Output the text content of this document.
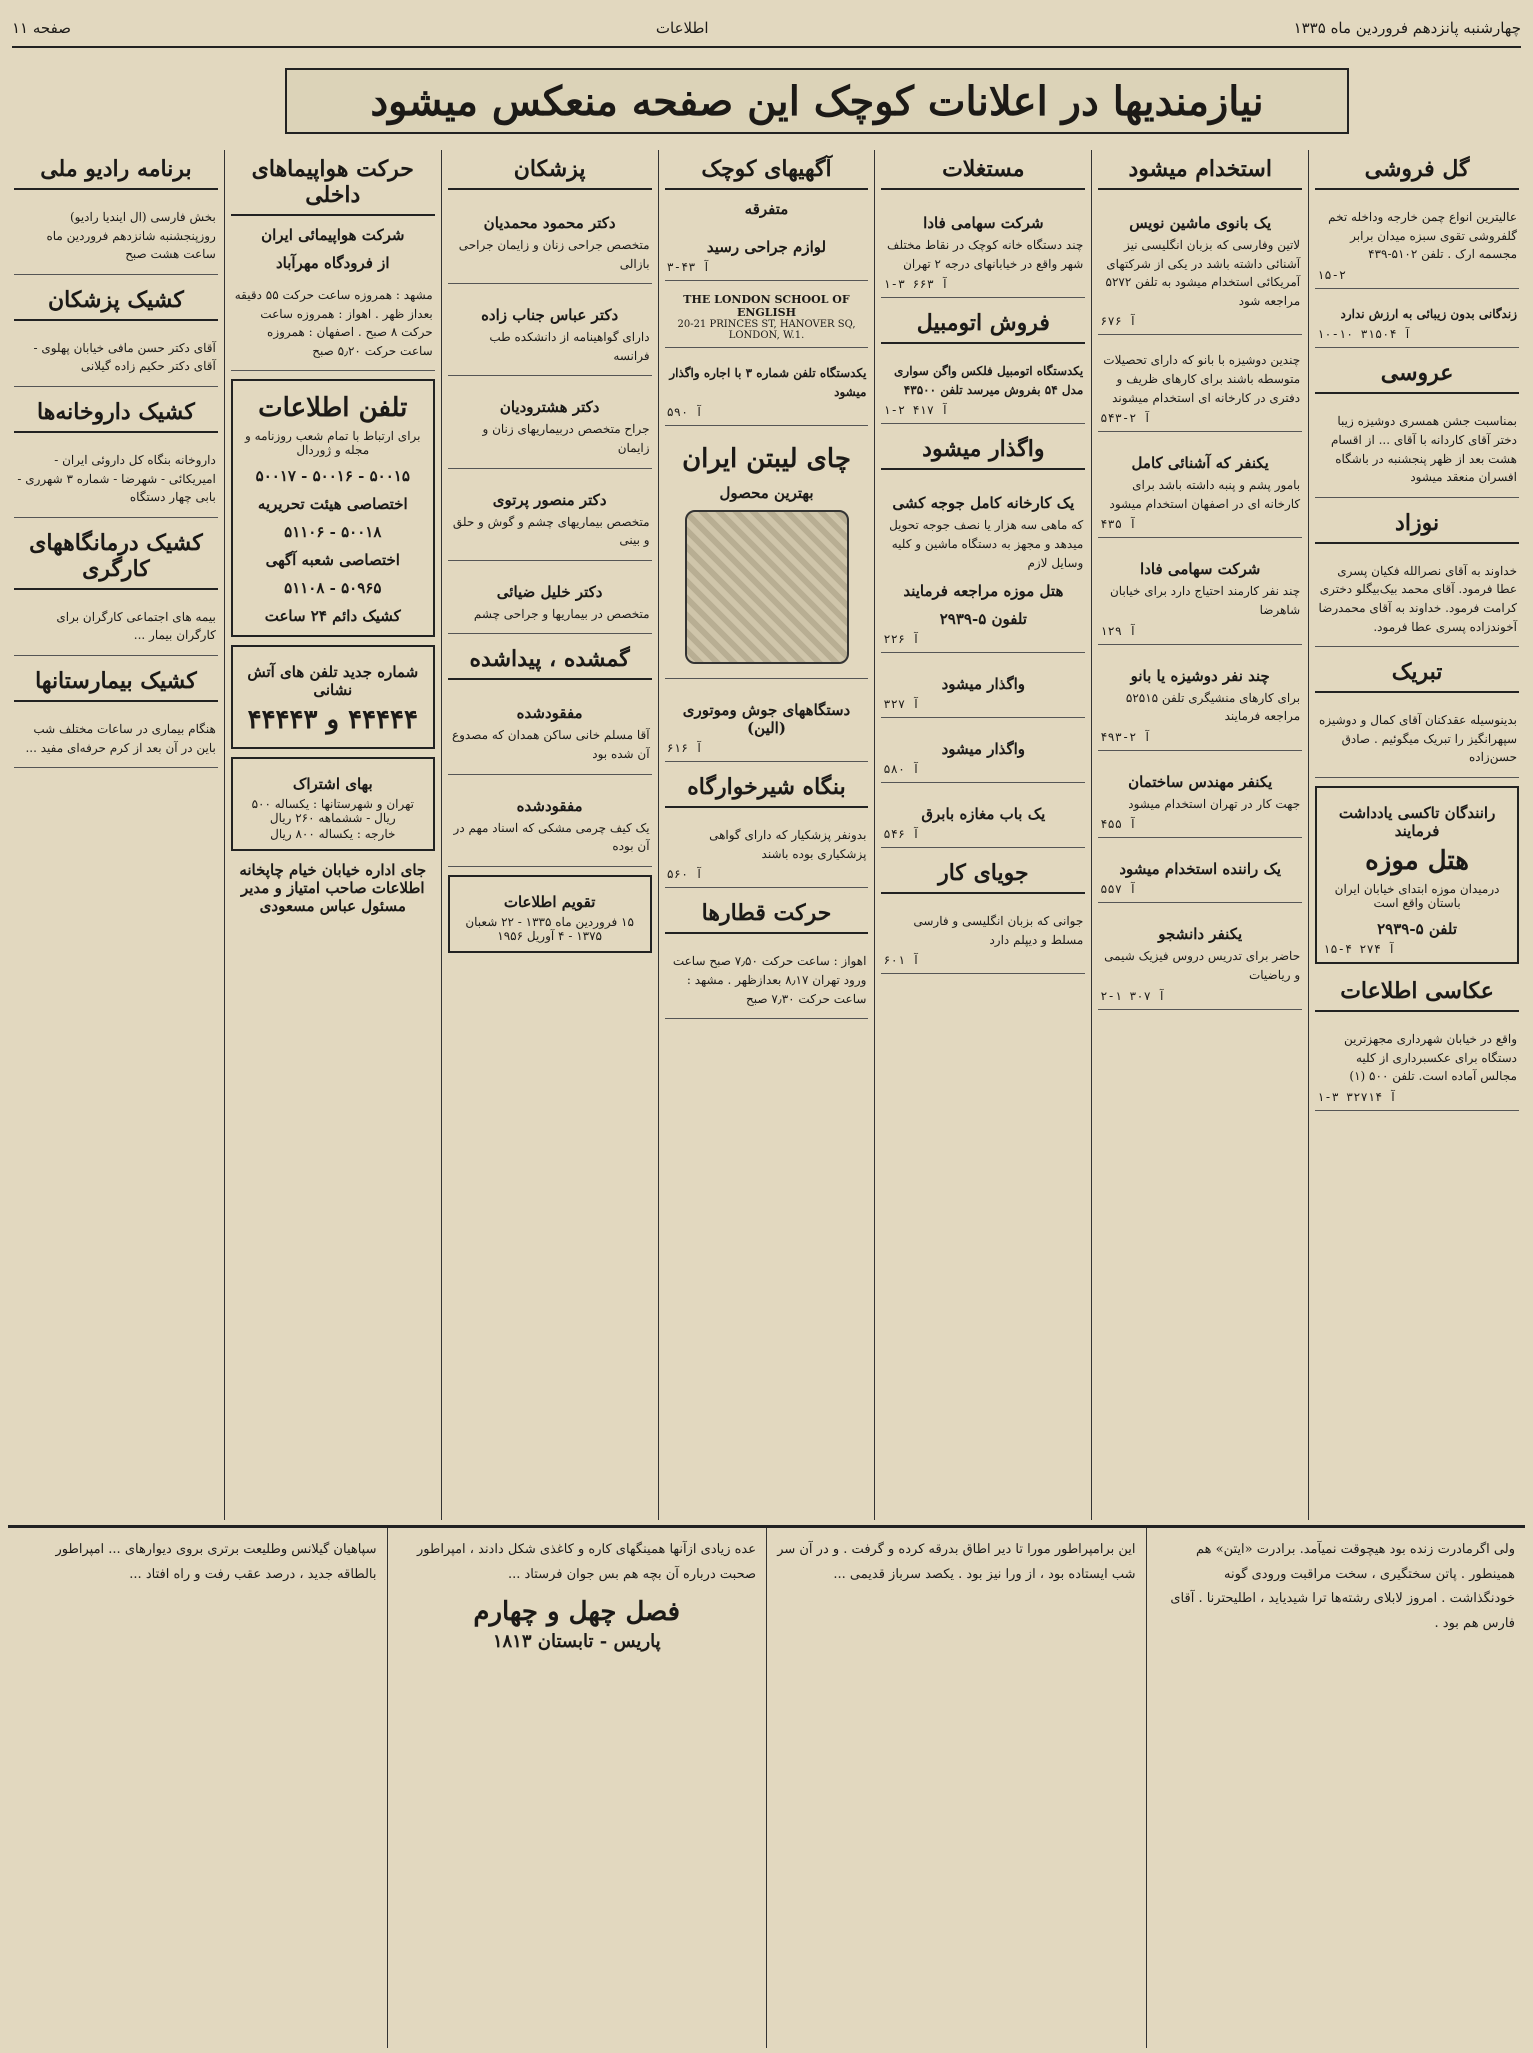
صفحه ۱۱	اطلاعات	چهارشنبه‌ پانزدهم فروردین ماه ۱۳۳۵
نیازمندیها در اعلانات کوچک این صفحه منعکس میشود
گل فروشی

عالیترین انواع چمن خارجه وداخله تخم گلفروشی تقوی سبزه میدان برابر مجسمه ارک . تلفن ۵۱۰۲-۴۳۹

۱۵-۲

زندگانی بدون زیبائی به ارزش ندارد

۱۰-۱۰ آ ۳۱۵۰۴
عروسی

بمناسبت جشن همسری دوشیزه زیبا دختر آقای کاردانه با آقای ... از اقسام هشت بعد از ظهر پنجشنبه در باشگاه افسران منعقد میشود

نوزاد

خداوند به آقای نصرالله فکیان پسری عطا فرمود. آقای محمد بیک‌بیگلو دختری کرامت فرمود. خداوند به آقای محمدرضا آخوندزاده پسری عطا فرمود.

تبریک

بدینوسیله عقدکنان آقای کمال و دوشیزه سپهرانگیز را تبریک میگوئیم . صادق حسن‌زاده

رانندگان تاکسی یادداشت فرمایند
هتل موزه

درمیدان موزه ابتدای خیابان ایران باستان واقع است

تلفن ۵-۲۹۳۹
۱۵-۴ آ ۲۷۴
عکاسی اطلاعات

واقع در خیابان شهرداری مجهزترین دستگاه برای عکسبرداری از کلیه مجالس آماده است. تلفن ۵۰۰ (۱)

۱-۳ آ ۳۲۷۱۴
استخدام میشود
یک بانوی ماشین نویس

لاتین وفارسی که بزبان انگلیسی نیز آشنائی داشته باشد در یکی از شرکتهای آمریکائی استخدام میشود به تلفن ۵۲۷۲ مراجعه شود

۶۷۶ آ

چندین دوشیزه با بانو که دارای تحصیلات متوسطه باشند برای کارهای ظریف و دفتری در کارخانه ای استخدام میشوند

۵۴۳-۲ آ
یکنفر که آشنائی کامل

بامور پشم و پنبه داشته باشد برای کارخانه ای در اصفهان استخدام میشود

آ ۴۳۵
شرکت سهامی فادا

چند نفر کارمند احتیاج دارد برای خیابان شاهرضا

آ ۱۲۹
چند نفر دوشیزه یا بانو

برای کارهای منشیگری تلفن ۵۲۵۱۵ مراجعه فرمایند

۴۹۳-۲ آ
یکنفر مهندس ساختمان

جهت کار در تهران استخدام میشود

آ ۴۵۵
یک راننده استخدام میشود
آ ۵۵۷
یکنفر دانشجو

حاضر برای تدریس دروس فیزیک شیمی و ریاضیات

۲-۱ آ ۳۰۷
مستغلات
شرکت سهامی فادا

چند دستگاه خانه کوچک در نقاط مختلف شهر واقع در خیابانهای درجه ۲ تهران

۱-۳ آ ۶۶۳
فروش اتومبیل

یکدستگاه اتومبیل فلکس واگن سواری مدل ۵۴ بفروش میرسد تلفن ۴۳۵۰۰

۱-۲ آ ۴۱۷
واگذار میشود
یک کارخانه کامل جوجه کشی

که ماهی سه هزار یا نصف جوجه تحویل میدهد و مجهز به دستگاه ماشین و کلیه وسایل لازم

هتل موزه مراجعه فرمایند
تلفون ۵-۲۹۳۹
آ ۲۲۶
واگذار میشود
آ ۳۲۷
واگذار میشود
آ ۵۸۰
یک باب مغازه بابرق
آ ۵۴۶
جویای کار

جوانی که بزبان انگلیسی و فارسی مسلط و دیپلم دارد

آ ۶۰۱
آگهیهای کوچک
متفرقه
لوازم جراحی رسید
آ ۴۳-۳
THE LONDON SCHOOL OF ENGLISH
20-21 PRINCES ST, HANOVER SQ, LONDON, W.1.

یکدستگاه تلفن شماره ۳ با اجاره واگذار میشود

آ ۵۹۰
چای لیبتن ایران
بهترین محصول
دستگاههای جوش وموتوری (الین)
آ ۶۱۶
بنگاه شیرخوارگاه

بدونفر پزشکیار که دارای گواهی پزشکیاری بوده باشند

آ ۵۶۰
حرکت قطارها

اهواز : ساعت حرکت ۷٫۵۰ صبح ساعت ورود تهران ۸٫۱۷ بعدازظهر . مشهد : ساعت حرکت ۷٫۳۰ صبح

پزشکان
دکتر محمود محمدیان

متخصص جراحی زنان و زایمان جراحی بازالی

دکتر عباس جناب زاده

دارای گواهینامه از دانشکده طب فرانسه

دکتر هشترودیان

جراح متخصص دربیماریهای زنان و زایمان

دکتر منصور پرتوی

متخصص بیماریهای چشم و گوش و حلق و بینی

دکتر خلیل ضیائی

متخصص در بیماریها و جراحی چشم

گمشده ، پیداشده
مفقودشده

آقا مسلم خانی ساکن همدان که مصدوع آن شده بود

مفقودشده

یک کیف چرمی مشکی که اسناد مهم در آن بوده

تقویم اطلاعات

۱۵ فروردین ماه ۱۳۳۵ - ۲۲ شعبان ۱۳۷۵ - ۴ آوریل ۱۹۵۶

حرکت هواپیماهای داخلی
شرکت هواپیمائی ایران
از فرودگاه مهرآباد

مشهد : همروزه ساعت حرکت ۵۵ دقیقه بعداز ظهر . اهواز : همروزه ساعت حرکت ۸ صبح . اصفهان : همروزه ساعت حرکت ۵٫۲۰ صبح

تلفن اطلاعات

برای ارتباط با تمام شعب روزنامه و مجله و ژوردال

۵۰۰۱۵ - ۵۰۰۱۶ - ۵۰۰۱۷
اختصاصی هیئت تحریریه
۵۰۰۱۸ - ۵۱۱۰۶
اختصاصی شعبه آگهی
۵۰۹۶۵ - ۵۱۱۰۸
کشیک دائم ۲۴ ساعت
شماره جدید تلفن های آتش نشانی
۴۴۴۴۴ و ۴۴۴۴۳
بهای اشتراک

تهران و شهرستانها : یکساله ۵۰۰ ریال - ششماهه ۲۶۰ ریال

خارجه : یکساله ۸۰۰ ریال

جای اداره خیابان خیام چاپخانه اطلاعات صاحب امتیاز و مدیر مسئول عباس مسعودی
برنامه رادیو ملی

بخش فارسی (ال ایندیا رادیو) روزپنجشنبه شانزدهم فروردین ماه ساعت هشت صبح

کشیک پزشکان

آقای دکتر حسن مافی خیابان پهلوی - آقای دکتر حکیم زاده گیلانی

کشیک داروخانه‌ها

داروخانه بنگاه کل داروئی ایران - امیریکائی - شهرضا - شماره ۳ شهرری - بابی چهار دستگاه

کشیک درمانگاههای کارگری

بیمه های اجتماعی کارگران برای کارگران بیمار ...

کشیک بیمارستانها

هنگام بیماری در ساعات مختلف شب باین در آن بعد از کرم حرفه‌ای مفید ...

ولی اگرمادرت زنده بود هیچوقت نمیآمد. برادرت «ایتن» هم همینطور . پاتن سختگیری ، سخت مراقبت ورودی گونه خودنگذاشت . امروز لابلای رشته‌ها ترا شیدیاید ، اطلیحترنا . آقای فارس هم بود .

این برامپراطور مورا تا دیر اطاق بدرقه کرده و گرفت . و در آن سر شب ایستاده بود ، از ورا نیز بود . یکصد سرباز قدیمی ...

عده زیادی ازآنها همینگهای کاره و کاغذی شکل دادند ، امپراطور صحبت درباره آن بچه هم بس جوان فرستاد ...

فصل چهل و چهارم
پاریس - تابستان ۱۸۱۳

سپاهیان گیلانس وطلیعت برتری بروی دیوارهای ... امپراطور بالطاقه جدید ، درصد عقب رفت و راه افتاد ...
